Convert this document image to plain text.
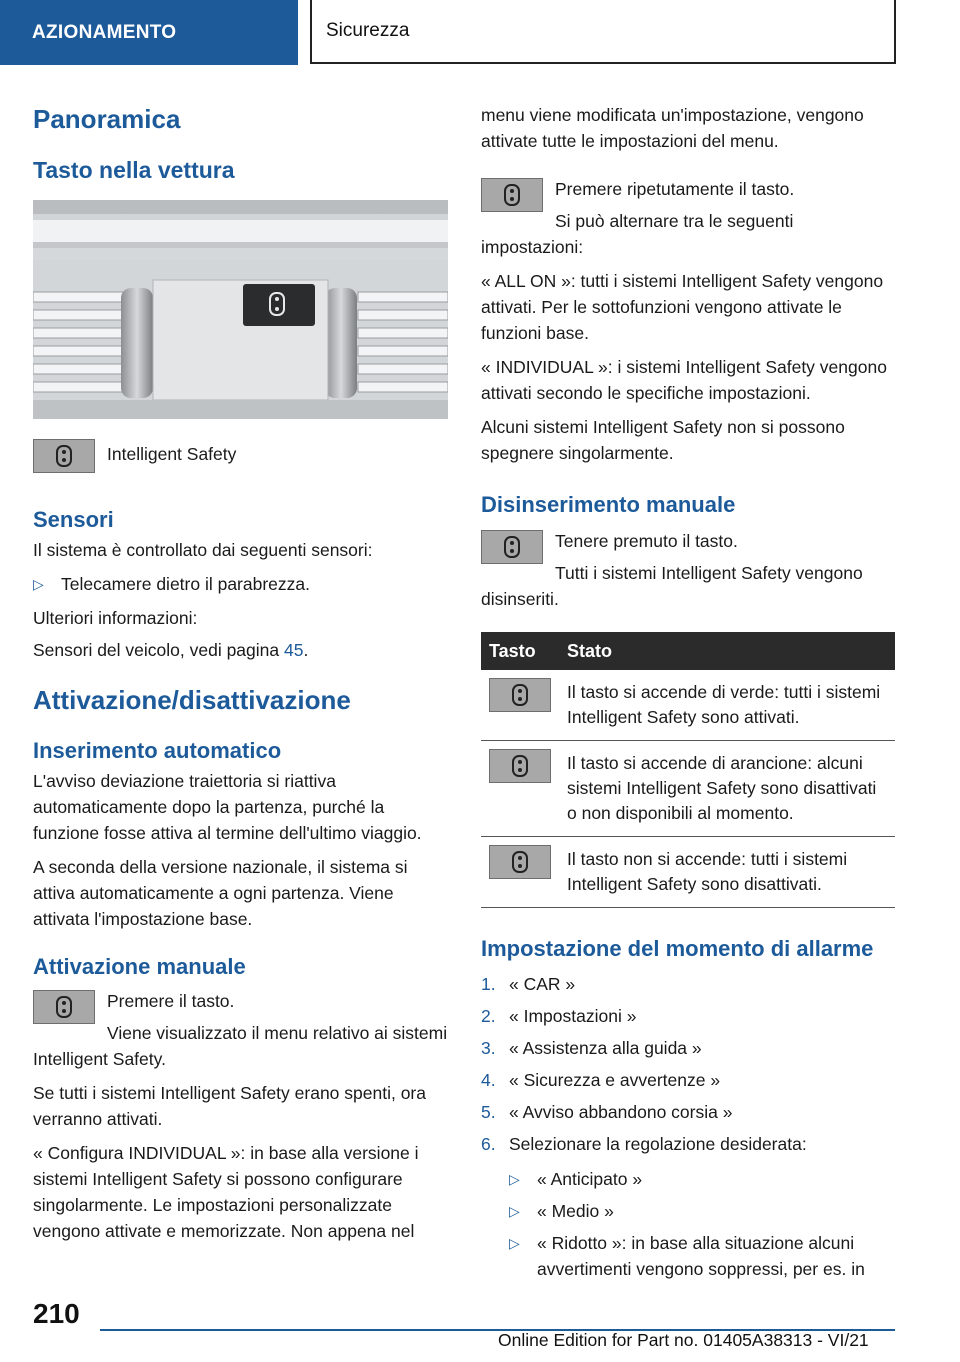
AZIONAMENTO	Sicurezza
Panoramica
Tasto nella vettura

Intelligent Safety

Sensori

Il sistema è controllato dai seguenti sensori:

▷ Telecamere dietro il parabrezza.

Ulteriori informazioni:

Sensori del veicolo, vedi pagina 45.

Attivazione/disattivazione
Inserimento automatico

L'avviso deviazione traiettoria si riattiva automaticamente dopo la partenza, purché la funzione fosse attiva al termine dell'ultimo viaggio.

A seconda della versione nazionale, il sistema si attiva automaticamente a ogni partenza. Viene attivata l'impostazione base.

Attivazione manuale

Premere il tasto.

Viene visualizzato il menu relativo ai sistemi Intelligent Safety.

Se tutti i sistemi Intelligent Safety erano spenti, ora verranno attivati.

« Configura INDIVIDUAL »: in base alla versione i sistemi Intelligent Safety si possono configurare singolarmente. Le impostazioni personalizzate vengono attivate e memorizzate. Non appena nel

menu viene modificata un'impostazione, vengono attivate tutte le impostazioni del menu.

Premere ripetutamente il tasto.

Si può alternare tra le seguenti impostazioni:

« ALL ON »: tutti i sistemi Intelligent Safety vengono attivati. Per le sottofunzioni vengono attivate le funzioni base.

« INDIVIDUAL »: i sistemi Intelligent Safety vengono attivati secondo le specifiche impostazioni.

Alcuni sistemi Intelligent Safety non si possono spegnere singolarmente.

Disinserimento manuale

Tenere premuto il tasto.

Tutti i sistemi Intelligent Safety vengono disinseriti.

Tasto	Stato

	Il tasto si accende di verde: tutti i sistemi Intelligent Safety sono attivati.

	Il tasto si accende di arancione: alcuni sistemi Intelligent Safety sono disattivati o non disponibili al momento.

	Il tasto non si accende: tutti i sistemi Intelligent Safety sono disattivati.
Impostazione del momento di allarme
1. « CAR »
2. « Impostazioni »
3. « Assistenza alla guida »
4. « Sicurezza e avvertenze »
5. « Avviso abbandono corsia »
6. Selezionare la regolazione desiderata:
▷ « Anticipato »
▷ « Medio »
▷ « Ridotto »: in base alla situazione alcuni avvertimenti vengono soppressi, per es. in
210
Online Edition for Part no. 01405A38313 - VI/21
